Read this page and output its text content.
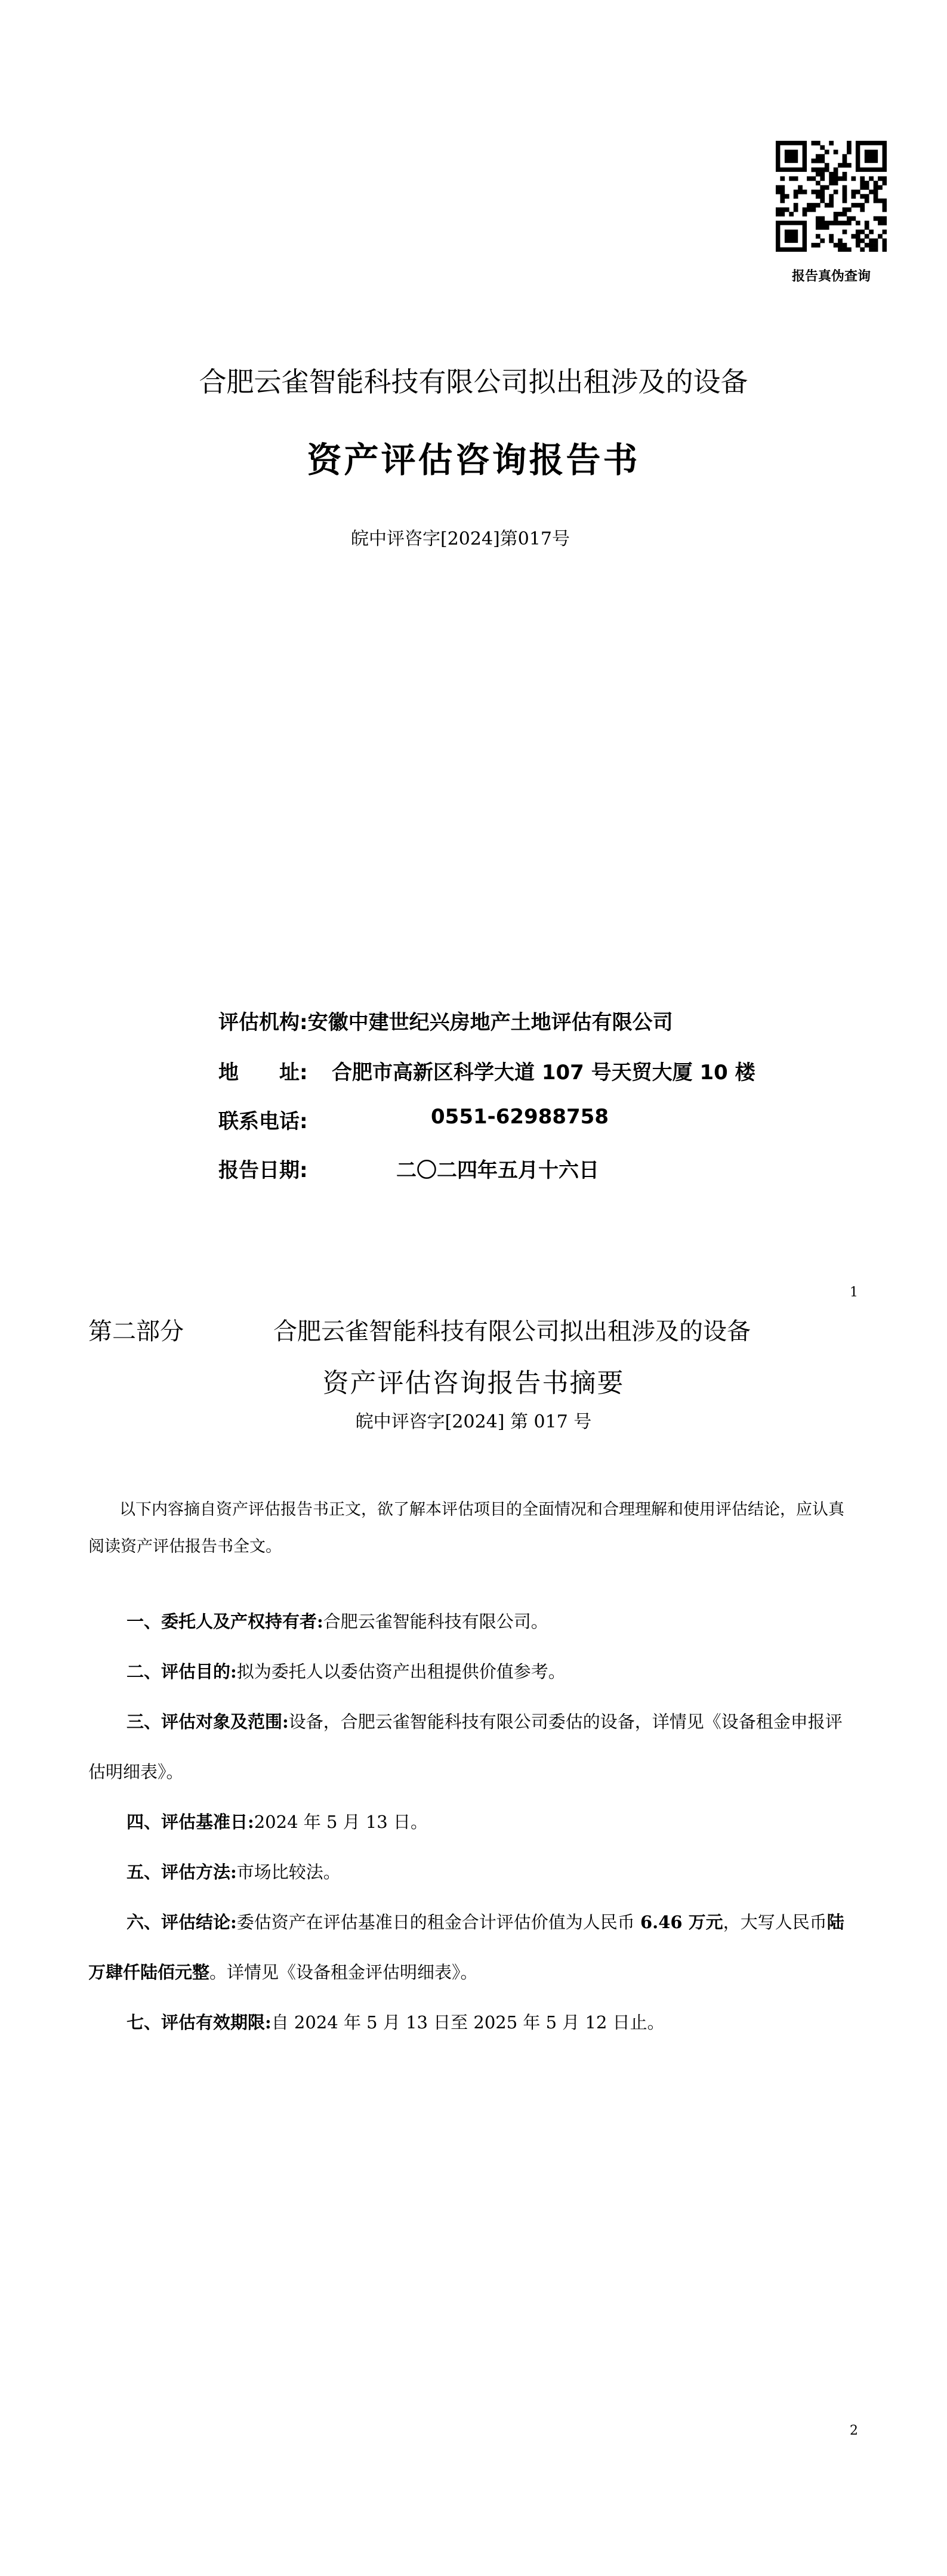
报告真伪查询
合肥云雀智能科技有限公司拟出租涉及的设备
资产评估咨询报告书
皖中评咨字[2024]第017号
评估机构:安徽中建世纪兴房地产土地评估有限公司
地　　址: 合肥市高新区科学大道 107 号天贸大厦 10 楼
联系电话:	0551-62988758
报告日期:	二〇二四年五月十六日
1
第二部分	合肥云雀智能科技有限公司拟出租涉及的设备
资产评估咨询报告书摘要
皖中评咨字[2024] 第 017 号

以下内容摘自资产评估报告书正文，欲了解本评估项目的全面情况和合理理解和使用评估结论，应认真阅读资产评估报告书全文。

一、委托人及产权持有者:合肥云雀智能科技有限公司。

二、评估目的:拟为委托人以委估资产出租提供价值参考。

三、评估对象及范围:设备，合肥云雀智能科技有限公司委估的设备，详情见《设备租金申报评估明细表》。

四、评估基准日:2024 年 5 月 13 日。

五、评估方法:市场比较法。

六、评估结论:委估资产在评估基准日的租金合计评估价值为人民币 6.46 万元，大写人民币陆万肆仟陆佰元整。详情见《设备租金评估明细表》。

七、评估有效期限:自 2024 年 5 月 13 日至 2025 年 5 月 12 日止。

2
